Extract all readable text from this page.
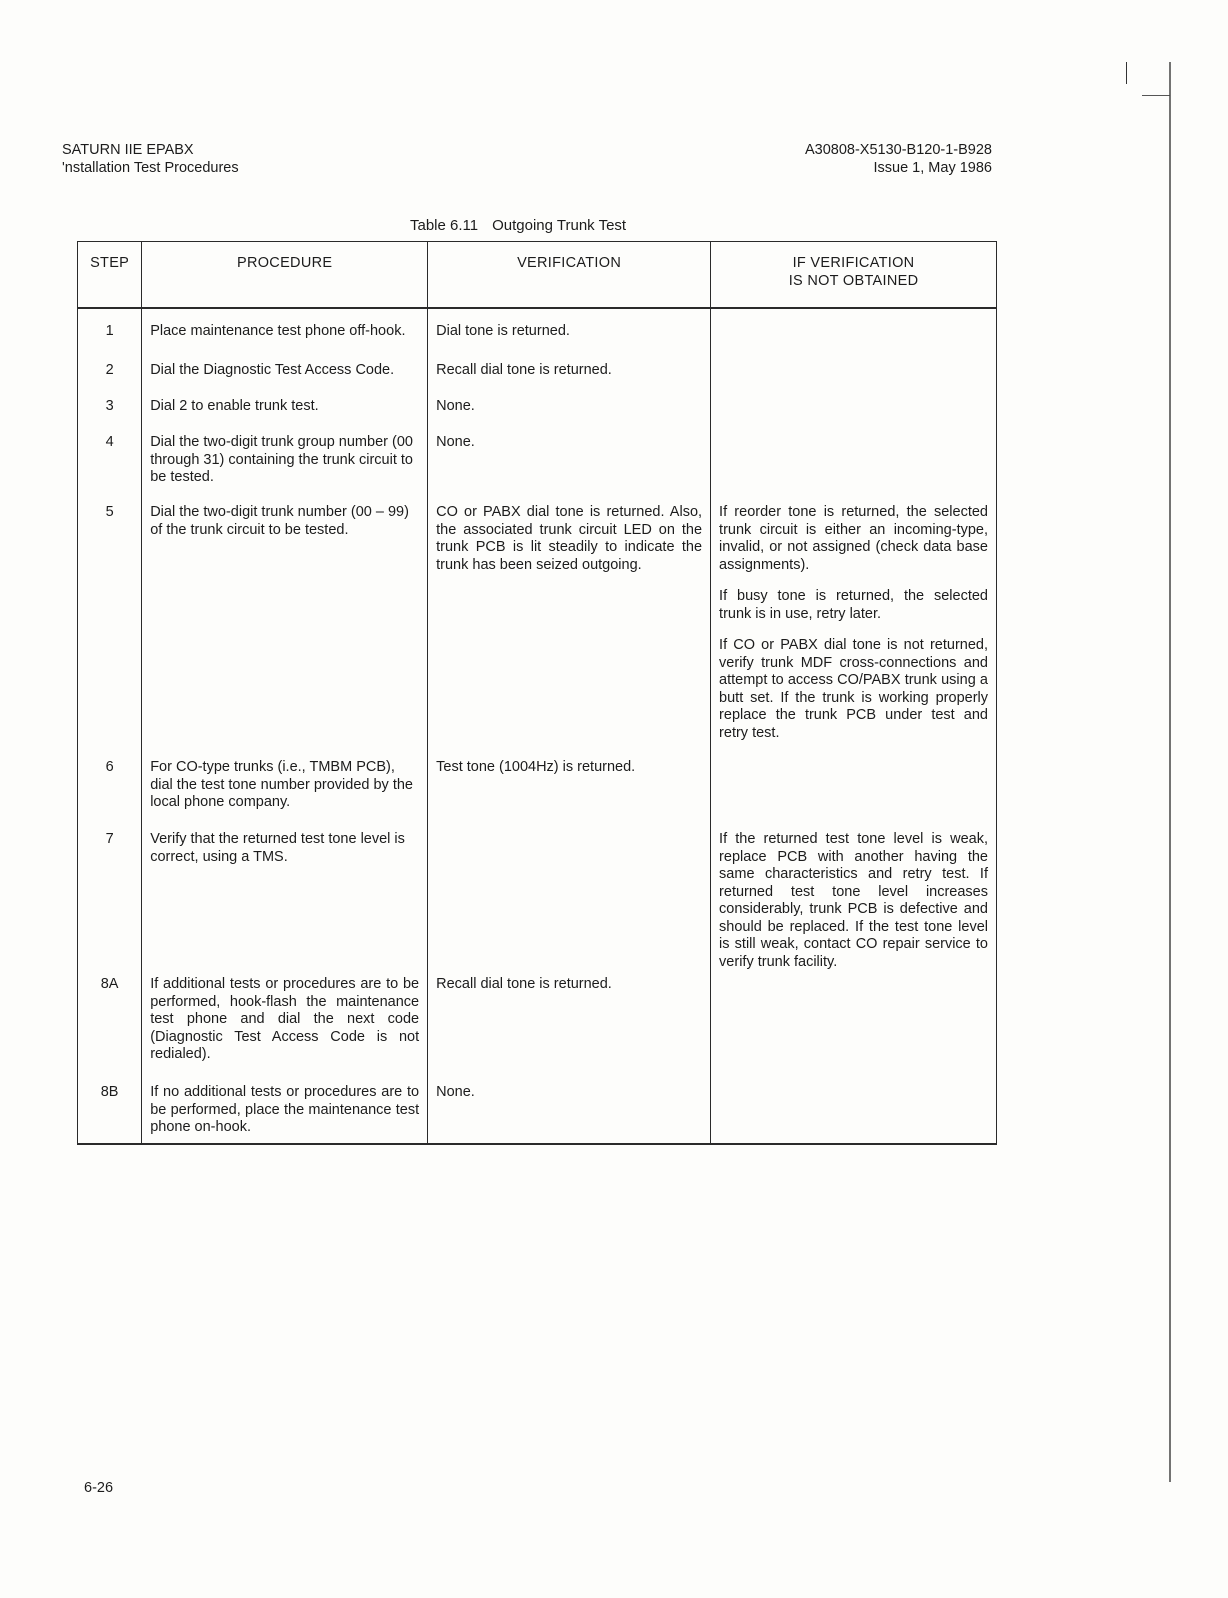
SATURN IIE EPABX
'nstallation Test Procedures
A30808-X5130-B120-1-B928
Issue 1, May 1986
Table 6.11 Outgoing Trunk Test
STEP	PROCEDURE	VERIFICATION	IF VERIFICATION
IS NOT OBTAINED

1	Place maintenance test phone off-hook.	Dial tone is returned.	
2	Dial the Diagnostic Test Access Code.	Recall dial tone is returned.	
3	Dial 2 to enable trunk test.	None.	
4	Dial the two-digit trunk group number (00 through 31) containing the trunk circuit to be tested.	None.	
5	Dial the two-digit trunk number (00 – 99) of the trunk circuit to be tested.	CO or PABX dial tone is returned. Also, the associated trunk circuit LED on the trunk PCB is lit steadily to indicate the trunk has been seized outgoing.	If reorder tone is returned, the selected trunk circuit is either an incoming-type, invalid, or not assigned (check data base assignments).

If busy tone is returned, the selected trunk is in use, retry later.

If CO or PABX dial tone is not returned, verify trunk MDF cross-connections and attempt to access CO/PABX trunk using a butt set. If the trunk is working properly replace the trunk PCB under test and retry test.

6	For CO-type trunks (i.e., TMBM PCB), dial the test tone number provided by the local phone company.	Test tone (1004Hz) is returned.	
7	Verify that the returned test tone level is correct, using a TMS.		If the returned test tone level is weak, replace PCB with another having the same characteristics and retry test. If returned test tone level increases considerably, trunk PCB is defective and should be replaced. If the test tone level is still weak, contact CO repair service to verify trunk facility.

8A	If additional tests or procedures are to be performed, hook-flash the maintenance test phone and dial the next code (Diagnostic Test Access Code is not redialed).	Recall dial tone is returned.	
8B	If no additional tests or procedures are to be performed, place the maintenance test phone on-hook.	None.	
6-26
